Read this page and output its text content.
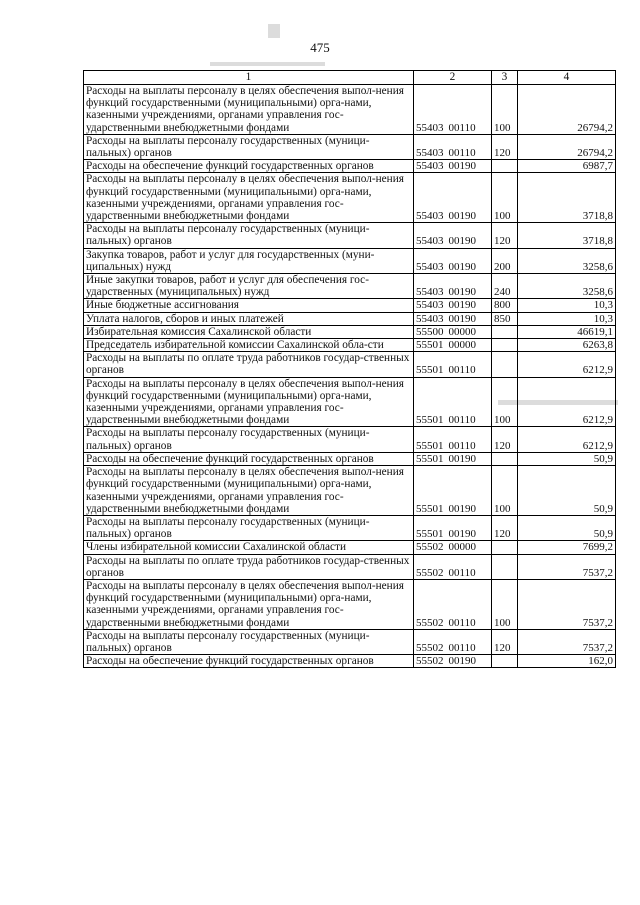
475
1	2	3	4
Расходы на выплаты персоналу в целях обеспечения выпол-нения функций государственными (муниципальными) орга-нами, казенными учреждениями, органами управления гос-ударственными внебюджетными фондами	55403 00110	100	26794,2
Расходы на выплаты персоналу государственных (муници-пальных) органов	55403 00110	120	26794,2
Расходы на обеспечение функций государственных органов	55403 00190		6987,7
Расходы на выплаты персоналу в целях обеспечения выпол-нения функций государственными (муниципальными) орга-нами, казенными учреждениями, органами управления гос-ударственными внебюджетными фондами	55403 00190	100	3718,8
Расходы на выплаты персоналу государственных (муници-пальных) органов	55403 00190	120	3718,8
Закупка товаров, работ и услуг для государственных (муни-ципальных) нужд	55403 00190	200	3258,6
Иные закупки товаров, работ и услуг для обеспечения гос-ударственных (муниципальных) нужд	55403 00190	240	3258,6
Иные бюджетные ассигнования	55403 00190	800	10,3
Уплата налогов, сборов и иных платежей	55403 00190	850	10,3
Избирательная комиссия Сахалинской области	55500 00000		46619,1
Председатель избирательной комиссии Сахалинской обла-сти	55501 00000		6263,8
Расходы на выплаты по оплате труда работников государ-ственных органов	55501 00110		6212,9
Расходы на выплаты персоналу в целях обеспечения выпол-нения функций государственными (муниципальными) орга-нами, казенными учреждениями, органами управления гос-ударственными внебюджетными фондами	55501 00110	100	6212,9
Расходы на выплаты персоналу государственных (муници-пальных) органов	55501 00110	120	6212,9
Расходы на обеспечение функций государственных органов	55501 00190		50,9
Расходы на выплаты персоналу в целях обеспечения выпол-нения функций государственными (муниципальными) орга-нами, казенными учреждениями, органами управления гос-ударственными внебюджетными фондами	55501 00190	100	50,9
Расходы на выплаты персоналу государственных (муници-пальных) органов	55501 00190	120	50,9
Члены избирательной комиссии Сахалинской области	55502 00000		7699,2
Расходы на выплаты по оплате труда работников государ-ственных органов	55502 00110		7537,2
Расходы на выплаты персоналу в целях обеспечения выпол-нения функций государственными (муниципальными) орга-нами, казенными учреждениями, органами управления гос-ударственными внебюджетными фондами	55502 00110	100	7537,2
Расходы на выплаты персоналу государственных (муници-пальных) органов	55502 00110	120	7537,2
Расходы на обеспечение функций государственных органов	55502 00190		162,0
